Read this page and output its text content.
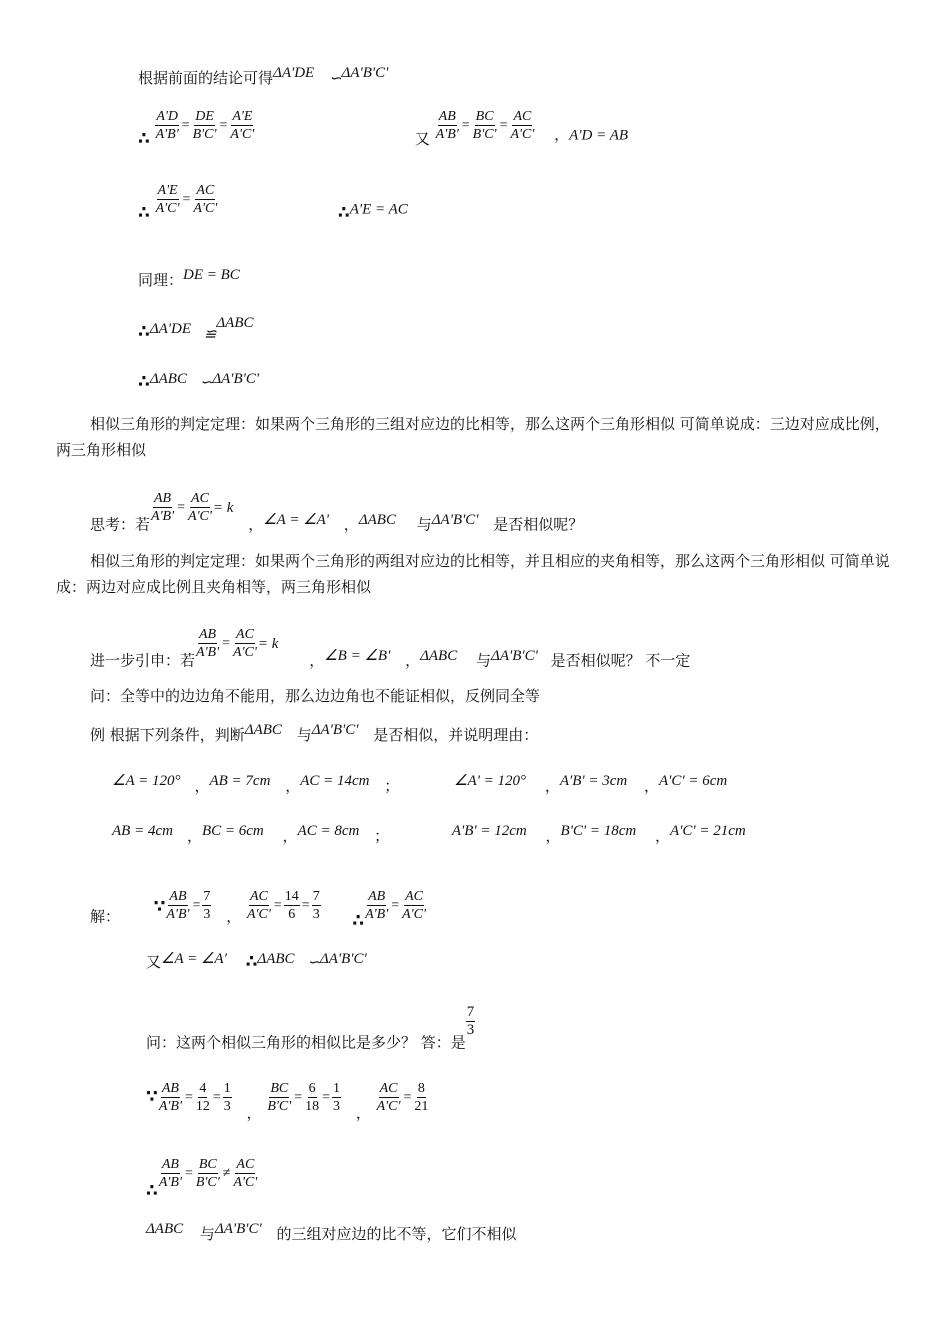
根据前面的结论可得ΔA'DE ∽ΔA'B'C'
∴ $\frac{A'D}{A'B'} = \frac{DE}{B'C'} = \frac{A'E}{A'C'}$	又 $\frac{AB}{A'B'} = \frac{BC}{B'C'} = \frac{AC}{A'C'}$ ，A'D = AB
∴ $\frac{A'E}{A'C'} = \frac{AC}{A'C'}$	∴A'E = AC
同理：DE = BC
∴ΔA'DE ≌ΔABC
∴ΔABC ∽ΔA'B'C'
相似三角形的判定定理：如果两个三角形的三组对应边的比相等，那么这两个三角形相似 可简单说成：三边对应成比例，两三角形相似
思考：若 $\frac{AB}{A'B'} = \frac{AC}{A'C'} = k$ ，∠A = ∠A' ，ΔABC 与ΔA'B'C' 是否相似呢？
相似三角形的判定定理：如果两个三角形的两组对应边的比相等，并且相应的夹角相等，那么这两个三角形相似 可简单说成：两边对应成比例且夹角相等，两三角形相似
进一步引申：若 $\frac{AB}{A'B'} = \frac{AC}{A'C'} = k$ ，∠B = ∠B' ，ΔABC 与ΔA'B'C' 是否相似呢？ 不一定
问：全等中的边边角不能用，那么边边角也不能证相似，反例同全等
例 根据下列条件，判断ΔABC 与ΔA'B'C' 是否相似，并说明理由：
∠A = 120° ，AB = 7cm ，AC = 14cm ；	∠A' = 120° ，A'B' = 3cm ，A'C' = 6cm
AB = 4cm ，BC = 6cm ，AC = 8cm ；	A'B' = 12cm ，B'C' = 18cm ，A'C' = 21cm
解： ∵ $\frac{AB}{A'B'} = \frac{7}{3}$ ， $\frac{AC}{A'C'} = \frac{14}{6} = \frac{7}{3}$ ∴ $\frac{AB}{A'B'} = \frac{AC}{A'C'}$
又∠A = ∠A' ∴ΔABC ∽ΔA'B'C'
问：这两个相似三角形的相似比是多少？ 答：是
$\frac{7}{3}$
∵ $\frac{AB}{A'B'} = \frac{4}{12} = \frac{1}{3}$ ， $\frac{BC}{B'C'} = \frac{6}{18} = \frac{1}{3}$ ， $\frac{AC}{A'C'} = \frac{8}{21}$
∴ $\frac{AB}{A'B'} = \frac{BC}{B'C'} \ne \frac{AC}{A'C'}$
ΔABC 与ΔA'B'C' 的三组对应边的比不等，它们不相似
